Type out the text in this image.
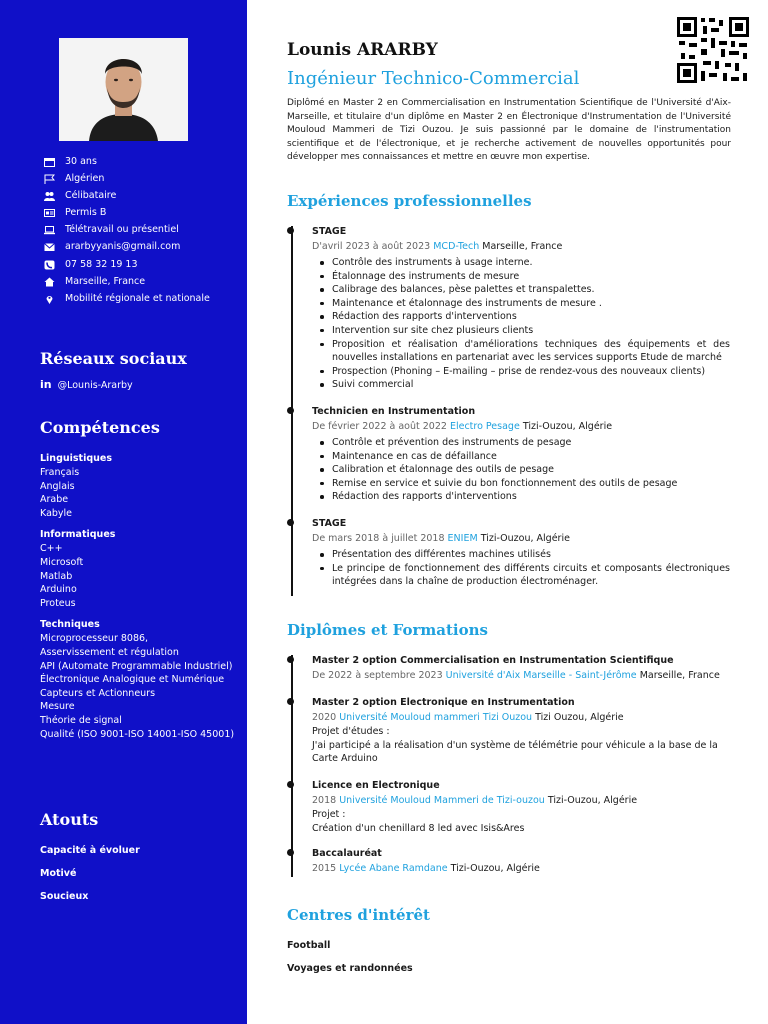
30 ans
Algérien
Célibataire
Permis B
Télétravail ou présentiel
ararbyyanis@gmail.com
07 58 32 19 13
Marseille, France
Mobilité régionale et nationale
Réseaux sociaux
in @Lounis-Ararby
Compétences
Linguistiques
Français
Anglais
Arabe
Kabyle
Informatiques
C++
Microsoft
Matlab
Arduino
Proteus
Techniques
Microprocesseur 8086,
Asservissement et régulation
API (Automate Programmable Industriel)
Électronique Analogique et Numérique
Capteurs et Actionneurs
Mesure
Théorie de signal
Qualité (ISO 9001-ISO 14001-ISO 45001)
Atouts
Capacité à évoluer
Motivé
Soucieux
Lounis ARARBY
Ingénieur Technico-Commercial
Diplômé en Master 2 en Commercialisation en Instrumentation Scientifique de l'Université d'Aix-Marseille, et titulaire d'un diplôme en Master 2 en Électronique d'Instrumentation de l'Université Mouloud Mammeri de Tizi Ouzou. Je suis passionné par le domaine de l'instrumentation scientifique et de l'électronique, et je recherche activement de nouvelles opportunités pour développer mes connaissances et mettre en œuvre mon expertise.
Expériences professionnelles
STAGE
D'avril 2023 à août 2023 MCD-Tech Marseille, France
Contrôle des instruments à usage interne.
Étalonnage des instruments de mesure
Calibrage des balances, pèse palettes et transpalettes.
Maintenance et étalonnage des instruments de mesure .
Rédaction des rapports d'interventions
Intervention sur site chez plusieurs clients
Proposition et réalisation d'améliorations techniques des équipements et des nouvelles installations en partenariat avec les services supports Etude de marché
Prospection (Phoning – E-mailing – prise de rendez-vous des nouveaux clients)
Suivi commercial
Technicien en Instrumentation
De février 2022 à août 2022 Electro Pesage Tizi-Ouzou, Algérie
Contrôle et prévention des instruments de pesage
Maintenance en cas de défaillance
Calibration et étalonnage des outils de pesage
Remise en service et suivie du bon fonctionnement des outils de pesage
Rédaction des rapports d'interventions
STAGE
De mars 2018 à juillet 2018 ENIEM Tizi-Ouzou, Algérie
Présentation des différentes machines utilisés
Le principe de fonctionnement des différents circuits et composants électroniques intégrées dans la chaîne de production électroménager.
Diplômes et Formations
Master 2 option Commercialisation en Instrumentation Scientifique
De 2022 à septembre 2023 Université d'Aix Marseille - Saint-Jérôme Marseille, France
Master 2 option Electronique en Instrumentation
2020 Université Mouloud mammeri Tizi Ouzou Tizi Ouzou, Algérie
Projet d'études :
J'ai participé a la réalisation d'un système de télémétrie pour véhicule a la base de la Carte Arduino
Licence en Electronique
2018 Université Mouloud Mammeri de Tizi-ouzou Tizi-Ouzou, Algérie
Projet :
Création d'un chenillard 8 led avec Isis&Ares
Baccalauréat
2015 Lycée Abane Ramdane Tizi-Ouzou, Algérie
Centres d'intérêt
Football
Voyages et randonnées
